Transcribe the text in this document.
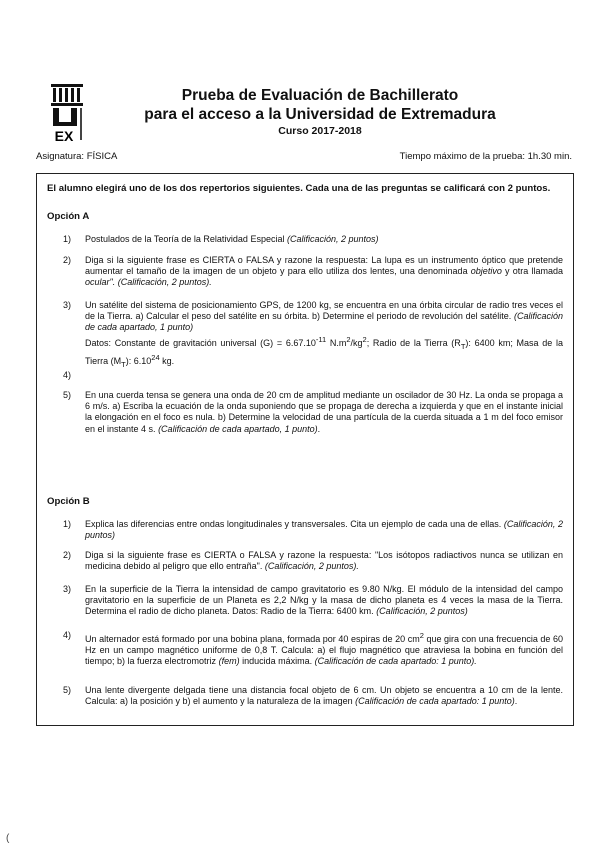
EX
Prueba de Evaluación de Bachillerato
para el acceso a la Universidad de Extremadura
Curso 2017-2018
Asignatura: FÍSICA	Tiempo máximo de la prueba: 1h.30 min.
El alumno elegirá uno de los dos repertorios siguientes. Cada una de las preguntas se calificará con 2 puntos.
Opción A
1)	Postulados de la Teoría de la Relatividad Especial (Calificación, 2 puntos)
2)	Diga si la siguiente frase es CIERTA o FALSA y razone la respuesta: La lupa es un instrumento óptico que pretende aumentar el tamaño de la imagen de un objeto y para ello utiliza dos lentes, una denominada objetivo y otra llamada ocular". (Calificación, 2 puntos).
3)	Un satélite del sistema de posicionamiento GPS, de 1200 kg, se encuentra en una órbita circular de radio tres veces el de la Tierra. a) Calcular el peso del satélite en su órbita. b) Determine el periodo de revolución del satélite. (Calificación de cada apartado, 1 punto)
Datos: Constante de gravitación universal $(G) = 6.67.10^{-11}$ $N.m^2/kg^2$; Radio de la Tierra $(R_T)$: 6400 km; Masa de la Tierra $(M_T)$: 6.10$^{24}$ kg.
4)
5)	En una cuerda tensa se genera una onda de 20 cm de amplitud mediante un oscilador de 30 Hz. La onda se propaga a 6 m/s. a) Escriba la ecuación de la onda suponiendo que se propaga de derecha a izquierda y que en el instante inicial la elongación en el foco es nula. b) Determine la velocidad de una partícula de la cuerda situada a 1 m del foco emisor en el instante 4 s. (Calificación de cada apartado, 1 punto).
Opción B
1)	Explica las diferencias entre ondas longitudinales y transversales. Cita un ejemplo de cada una de ellas. (Calificación, 2 puntos)
2)	Diga si la siguiente frase es CIERTA o FALSA y razone la respuesta: "Los isótopos radiactivos nunca se utilizan en medicina debido al peligro que ello entraña". (Calificación, 2 puntos).
3)	En la superficie de la Tierra la intensidad de campo gravitatorio es 9.80 N/kg. El módulo de la intensidad del campo gravitatorio en la superficie de un Planeta es 2,2 N/kg y la masa de dicho planeta es 4 veces la masa de la Tierra. Determina el radio de dicho planeta. Datos: Radio de la Tierra: 6400 km. (Calificación, 2 puntos)
4)	Un alternador está formado por una bobina plana, formada por 40 espiras de 20 $cm^2$ que gira con una frecuencia de 60 Hz en un campo magnético uniforme de 0,8 T. Calcula: a) el flujo magnético que atraviesa la bobina en función del tiempo; b) la fuerza electromotriz (fem) inducida máxima. (Calificación de cada apartado: 1 punto).
5)	Una lente divergente delgada tiene una distancia focal objeto de 6 cm. Un objeto se encuentra a 10 cm de la lente. Calcula: a) la posición y b) el aumento y la naturaleza de la imagen (Calificación de cada apartado: 1 punto).
(
